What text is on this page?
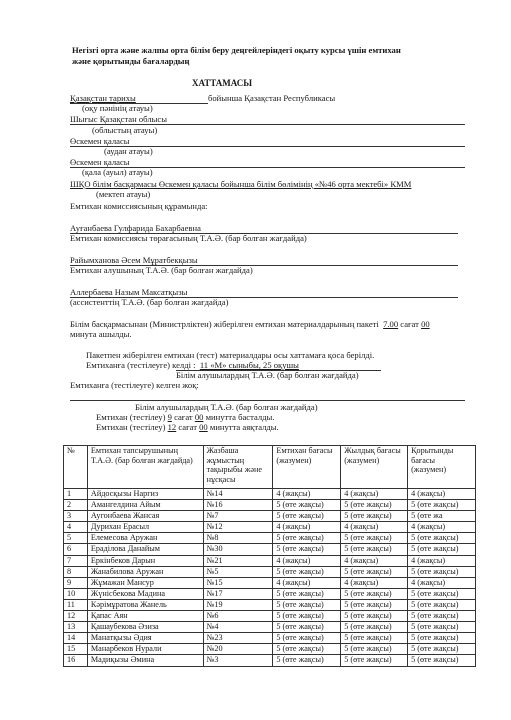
Негізгі орта және жалпы орта білім беру деңгейлеріндегі оқыту курсы үшін емтихан
және қорытынды бағалардың
ХАТТАМАСЫ
Қазақстан тарихы	бойынша Қазақстан Республикасы
(оқу пәнінің атауы)
Шығыс Қазақстан облысы
(облыстың атауы)
Өскемен қаласы
(аудан атауы)
Өскемен қаласы
(қала (ауыл) атауы)
ШҚО білім басқармасы Өскемен қаласы бойынша білім бөлімінің «№46 орта мектебі» КММ
(мектеп атауы)
Емтихан комиссиясының құрамында:
Ауғанбаева Гулфарида Бахарбаевна
Емтихан комиссиясы төрағасының Т.А.Ә. (бар болған жағдайда)
Райымханова Әсем Мұратбекқызы
Емтихан алушының Т.А.Ә. (бар болған жағдайда)
Аллербаева Назым Максатқызы
(ассистенттің Т.А.Ә. (бар болған жағдайда)
Білім басқармасынан (Министрліктен) жіберілген емтихан материалдарының пакеті 7.00 сағат 00
минута ашылды.
Пакетпен жіберілген емтихан (тест) материалдары осы хаттамаға қоса берілді.
Емтиханға (тестілеуге) келді : 11 «М» сыныбы, 25 оқушы
Білім алушылардың Т.А.Ә. (бар болған жағдайда)
Емтиханға (тестілеуге) келген жоқ:
Білім алушылардың Т.А.Ә. (бар болған жағдайда)
Емтихан (тестілеу) 9 сағат 00 минутта басталды.
Емтихан (тестілеу) 12 сағат 00 минутта аяқталды.
№	Емтихан тапсырушының Т.А.Ә. (бар болған жағдайда)	Жазбаша жұмыстың тақырыбы және нұсқасы	Емтихан бағасы (жазумен)	Жылдық бағасы (жазумен)	Қорытынды бағасы (жазумен)
1	Айдосқызы Наргиз	№14	4 (жақсы)	4 (жақсы)	4 (жақсы)
2	Амангелдина Айым	№16	5 (өте жақсы)	5 (өте жақсы)	5 (өте жақсы)
3	Аугонбаева Жансая	№7	5 (өте жақсы)	5 (өте жақсы)	5 (өте жа
4	Дурихан Ерасыл	№12	4 (жақсы)	4 (жақсы)	4 (жақсы)
5	Елемесова Аружан	№8	5 (өте жақсы)	5 (өте жақсы)	5 (өте жақсы)
6	Ераділова Данайым	№30	5 (өте жақсы)	5 (өте жақсы)	5 (өте жақсы)
7	Еркінбеков Дарын	№21	4 (жақсы)	4 (жақсы)	4 (жақсы)
8	Жанабилова Аружан	№5	5 (өте жақсы)	5 (өте жақсы)	5 (өте жақсы)
9	Жұмажан Мансур	№15	4 (жақсы)	4 (жақсы)	4 (жақсы)
10	Жүнісбекова Мадина	№17	5 (өте жақсы)	5 (өте жақсы)	5 (өте жақсы)
11	Кәрімұратова Жанель	№19	5 (өте жақсы)	5 (өте жақсы)	5 (өте жақсы)
12	Қапас Аян	№6	5 (өте жақсы)	5 (өте жақсы)	5 (өте жақсы)
13	Қашаубекова Әзиза	№4	5 (өте жақсы)	5 (өте жақсы)	5 (өте жақсы)
14	Манатқызы Әдия	№23	5 (өте жақсы)	5 (өте жақсы)	5 (өте жақсы)
15	Манарбеков Нурали	№20	5 (өте жақсы)	5 (өте жақсы)	5 (өте жақсы)
16	Мадиқызы Әмина	№3	5 (өте жақсы)	5 (өте жақсы)	5 (өте жақсы)
